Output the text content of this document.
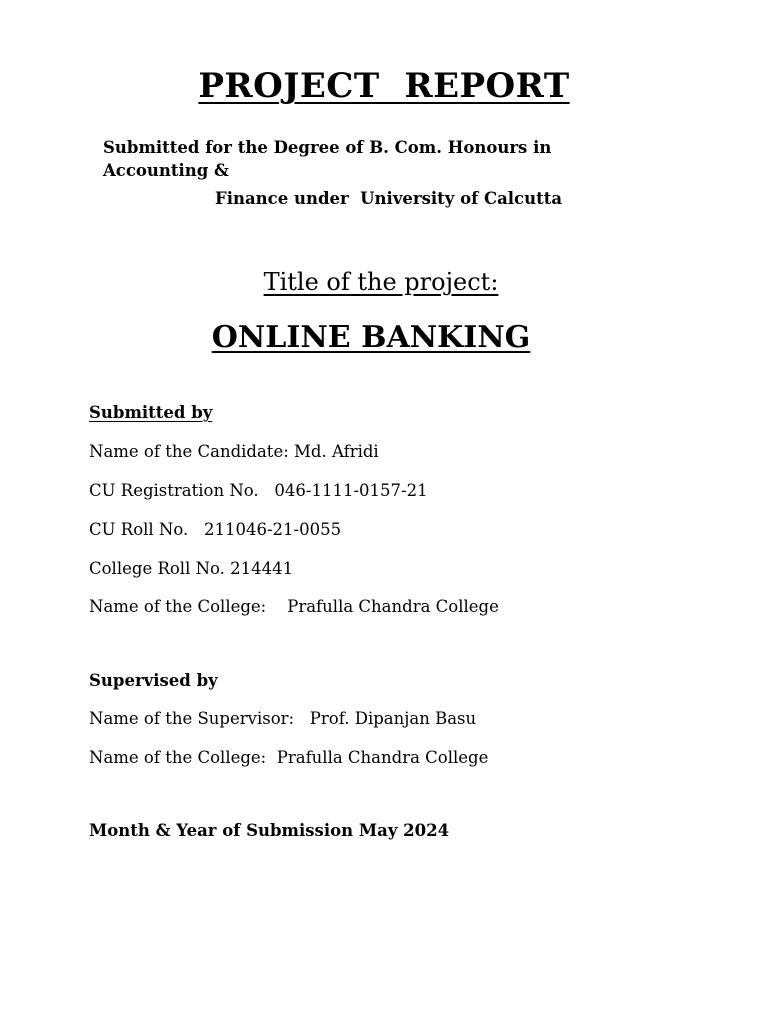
PROJECT  REPORT
Submitted for the Degree of B. Com. Honours in
Accounting &
Finance under  University of Calcutta
Title of the project:
ONLINE BANKING
Submitted by
Name of the Candidate: Md. Afridi
CU Registration No.   046-1111-0157-21
CU Roll No.   211046-21-0055
College Roll No. 214441
Name of the College:    Prafulla Chandra College
Supervised by
Name of the Supervisor:   Prof. Dipanjan Basu
Name of the College:  Prafulla Chandra College
Month & Year of Submission May 2024
